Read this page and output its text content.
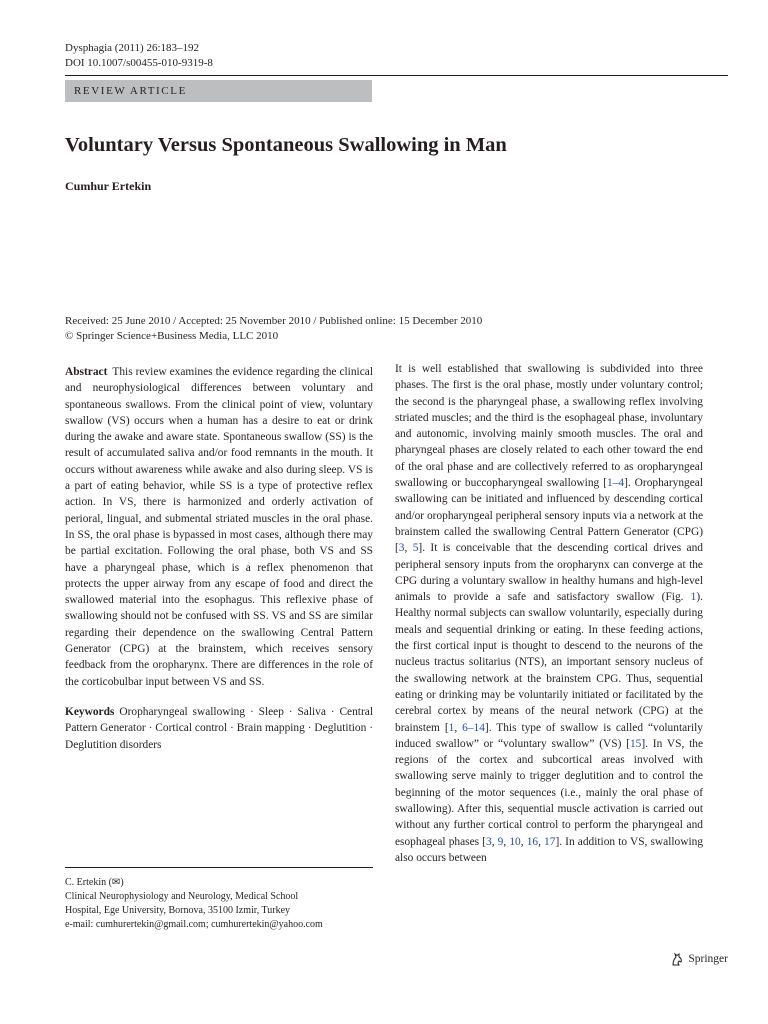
Dysphagia (2011) 26:183–192
DOI 10.1007/s00455-010-9319-8
REVIEW ARTICLE
Voluntary Versus Spontaneous Swallowing in Man
Cumhur Ertekin
Received: 25 June 2010 / Accepted: 25 November 2010 / Published online: 15 December 2010
© Springer Science+Business Media, LLC 2010

Abstract This review examines the evidence regarding the clinical and neurophysiological differences between voluntary and spontaneous swallows. From the clinical point of view, voluntary swallow (VS) occurs when a human has a desire to eat or drink during the awake and aware state. Spontaneous swallow (SS) is the result of accumulated saliva and/or food remnants in the mouth. It occurs without awareness while awake and also during sleep. VS is a part of eating behavior, while SS is a type of protective reflex action. In VS, there is harmonized and orderly activation of perioral, lingual, and submental striated muscles in the oral phase. In SS, the oral phase is bypassed in most cases, although there may be partial excitation. Following the oral phase, both VS and SS have a pharyngeal phase, which is a reflex phenomenon that protects the upper airway from any escape of food and direct the swallowed material into the esophagus. This reflexive phase of swallowing should not be confused with SS. VS and SS are similar regarding their dependence on the swallowing Central Pattern Generator (CPG) at the brainstem, which receives sensory feedback from the oropharynx. There are differences in the role of the corticobulbar input between VS and SS.

Keywords Oropharyngeal swallowing · Sleep · Saliva · Central Pattern Generator · Cortical control · Brain mapping · Deglutition · Deglutition disorders

C. Ertekin (✉)
Clinical Neurophysiology and Neurology, Medical School
Hospital, Ege University, Bornova, 35100 Izmir, Turkey
e-mail: cumhurertekin@gmail.com; cumhurertekin@yahoo.com

It is well established that swallowing is subdivided into three phases. The first is the oral phase, mostly under voluntary control; the second is the pharyngeal phase, a swallowing reflex involving striated muscles; and the third is the esophageal phase, involuntary and autonomic, involving mainly smooth muscles. The oral and pharyngeal phases are closely related to each other toward the end of the oral phase and are collectively referred to as oropharyngeal swallowing or buccopharyngeal swallowing [1–4]. Oropharyngeal swallowing can be initiated and influenced by descending cortical and/or oropharyngeal peripheral sensory inputs via a network at the brainstem called the swallowing Central Pattern Generator (CPG) [3, 5]. It is conceivable that the descending cortical drives and peripheral sensory inputs from the oropharynx can converge at the CPG during a voluntary swallow in healthy humans and high-level animals to provide a safe and satisfactory swallow (Fig. 1). Healthy normal subjects can swallow voluntarily, especially during meals and sequential drinking or eating. In these feeding actions, the first cortical input is thought to descend to the neurons of the nucleus tractus solitarius (NTS), an important sensory nucleus of the swallowing network at the brainstem CPG. Thus, sequential eating or drinking may be voluntarily initiated or facilitated by the cerebral cortex by means of the neural network (CPG) at the brainstem [1, 6–14]. This type of swallow is called “voluntarily induced swallow” or “voluntary swallow” (VS) [15]. In VS, the regions of the cortex and subcortical areas involved with swallowing serve mainly to trigger deglutition and to control the beginning of the motor sequences (i.e., mainly the oral phase of swallowing). After this, sequential muscle activation is carried out without any further cortical control to perform the pharyngeal and esophageal phases [3, 9, 10, 16, 17]. In addition to VS, swallowing also occurs between

Springer
